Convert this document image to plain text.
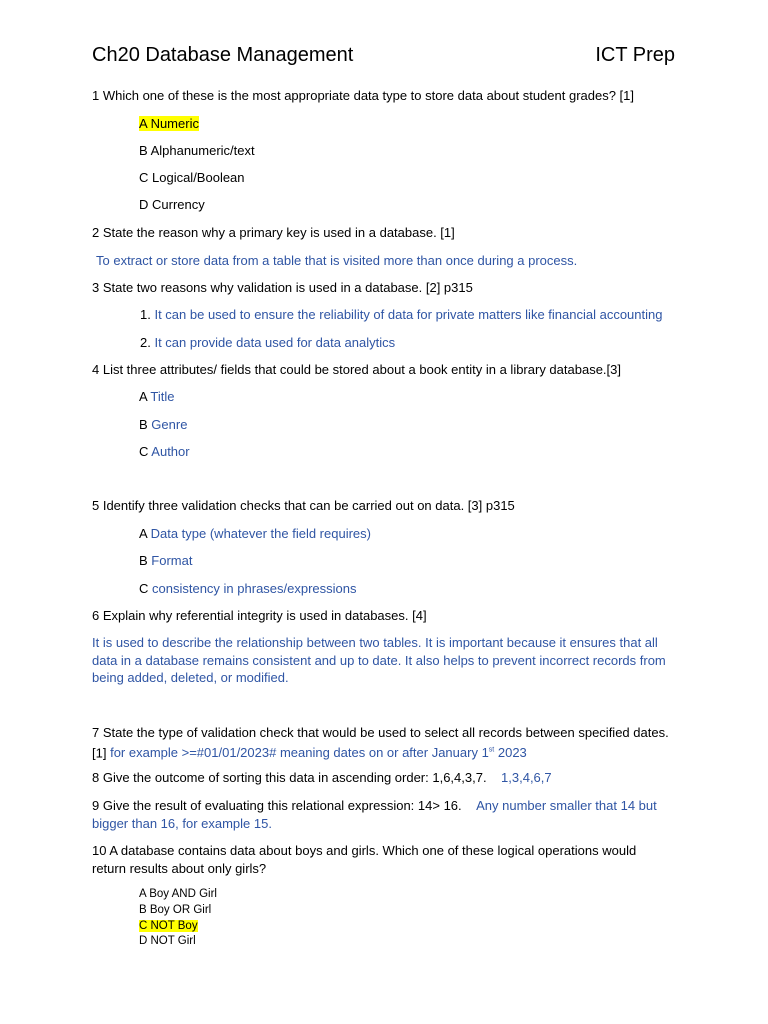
Ch20 Database Management	ICT Prep
1 Which one of these is the most appropriate data type to store data about student grades? [1]
A Numeric
B Alphanumeric/text
C Logical/Boolean
D Currency
2 State the reason why a primary key is used in a database. [1]
To extract or store data from a table that is visited more than once during a process.
3 State two reasons why validation is used in a database. [2] p315
1. It can be used to ensure the reliability of data for private matters like financial accounting
2. It can provide data used for data analytics
4 List three attributes/ fields that could be stored about a book entity in a library database.[3]
A Title
B Genre
C Author
5 Identify three validation checks that can be carried out on data. [3] p315
A Data type (whatever the field requires)
B Format
C consistency in phrases/expressions
6 Explain why referential integrity is used in databases. [4]
It is used to describe the relationship between two tables. It is important because it ensures that all data in a database remains consistent and up to date. It also helps to prevent incorrect records from being added, deleted, or modified.
7 State the type of validation check that would be used to select all records between specified dates.
[1] for example >=#01/01/2023# meaning dates on or after January 1st 2023
8 Give the outcome of sorting this data in ascending order: 1,6,4,3,7. 1,3,4,6,7
9 Give the result of evaluating this relational expression: 14> 16. Any number smaller that 14 but
bigger than 16, for example 15.
10 A database contains data about boys and girls. Which one of these logical operations would
return results about only girls?
A Boy AND Girl
B Boy OR Girl
C NOT Boy
D NOT Girl
